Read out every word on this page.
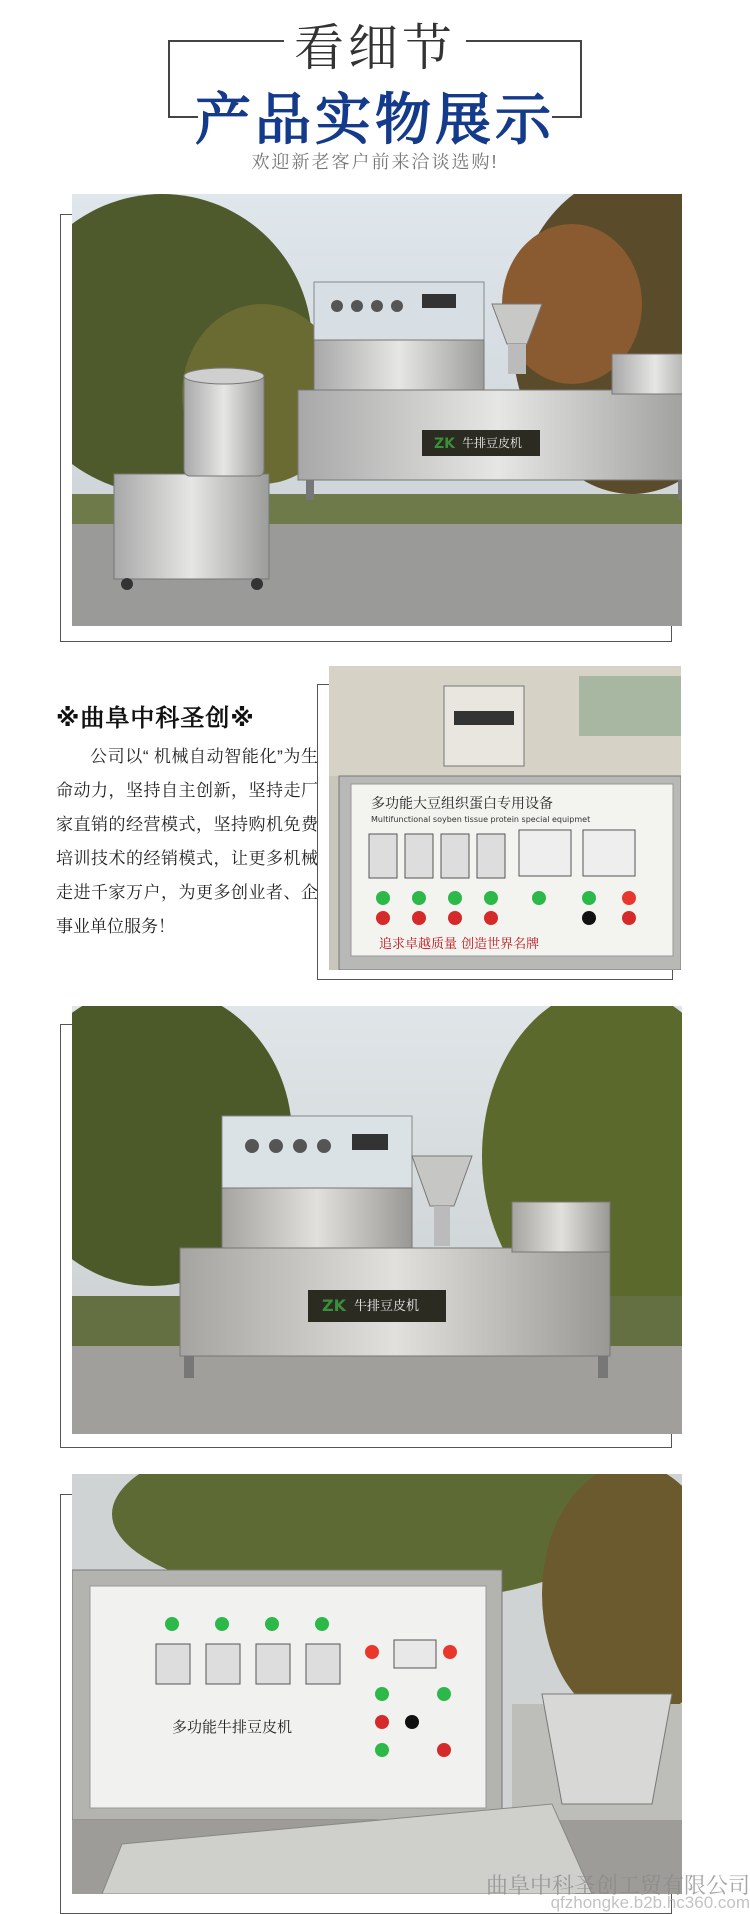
看细节
产品实物展示
欢迎新老客户前来洽谈选购!
ZK 牛排豆皮机
※曲阜中科圣创※
公司以“ 机械自动智能化”为生命动力，坚持自主创新，坚持走厂家直销的经营模式，坚持购机免费培训技术的经销模式，让更多机械走进千家万户，为更多创业者、企事业单位服务！
多功能大豆组织蛋白专用设备
Multifunctional soyben tissue protein special equipmet
追求卓越质量 创造世界名牌
ZK 牛排豆皮机
多功能牛排豆皮机
曲阜中科圣创工贸有限公司
qfzhongke.b2b.hc360.com
